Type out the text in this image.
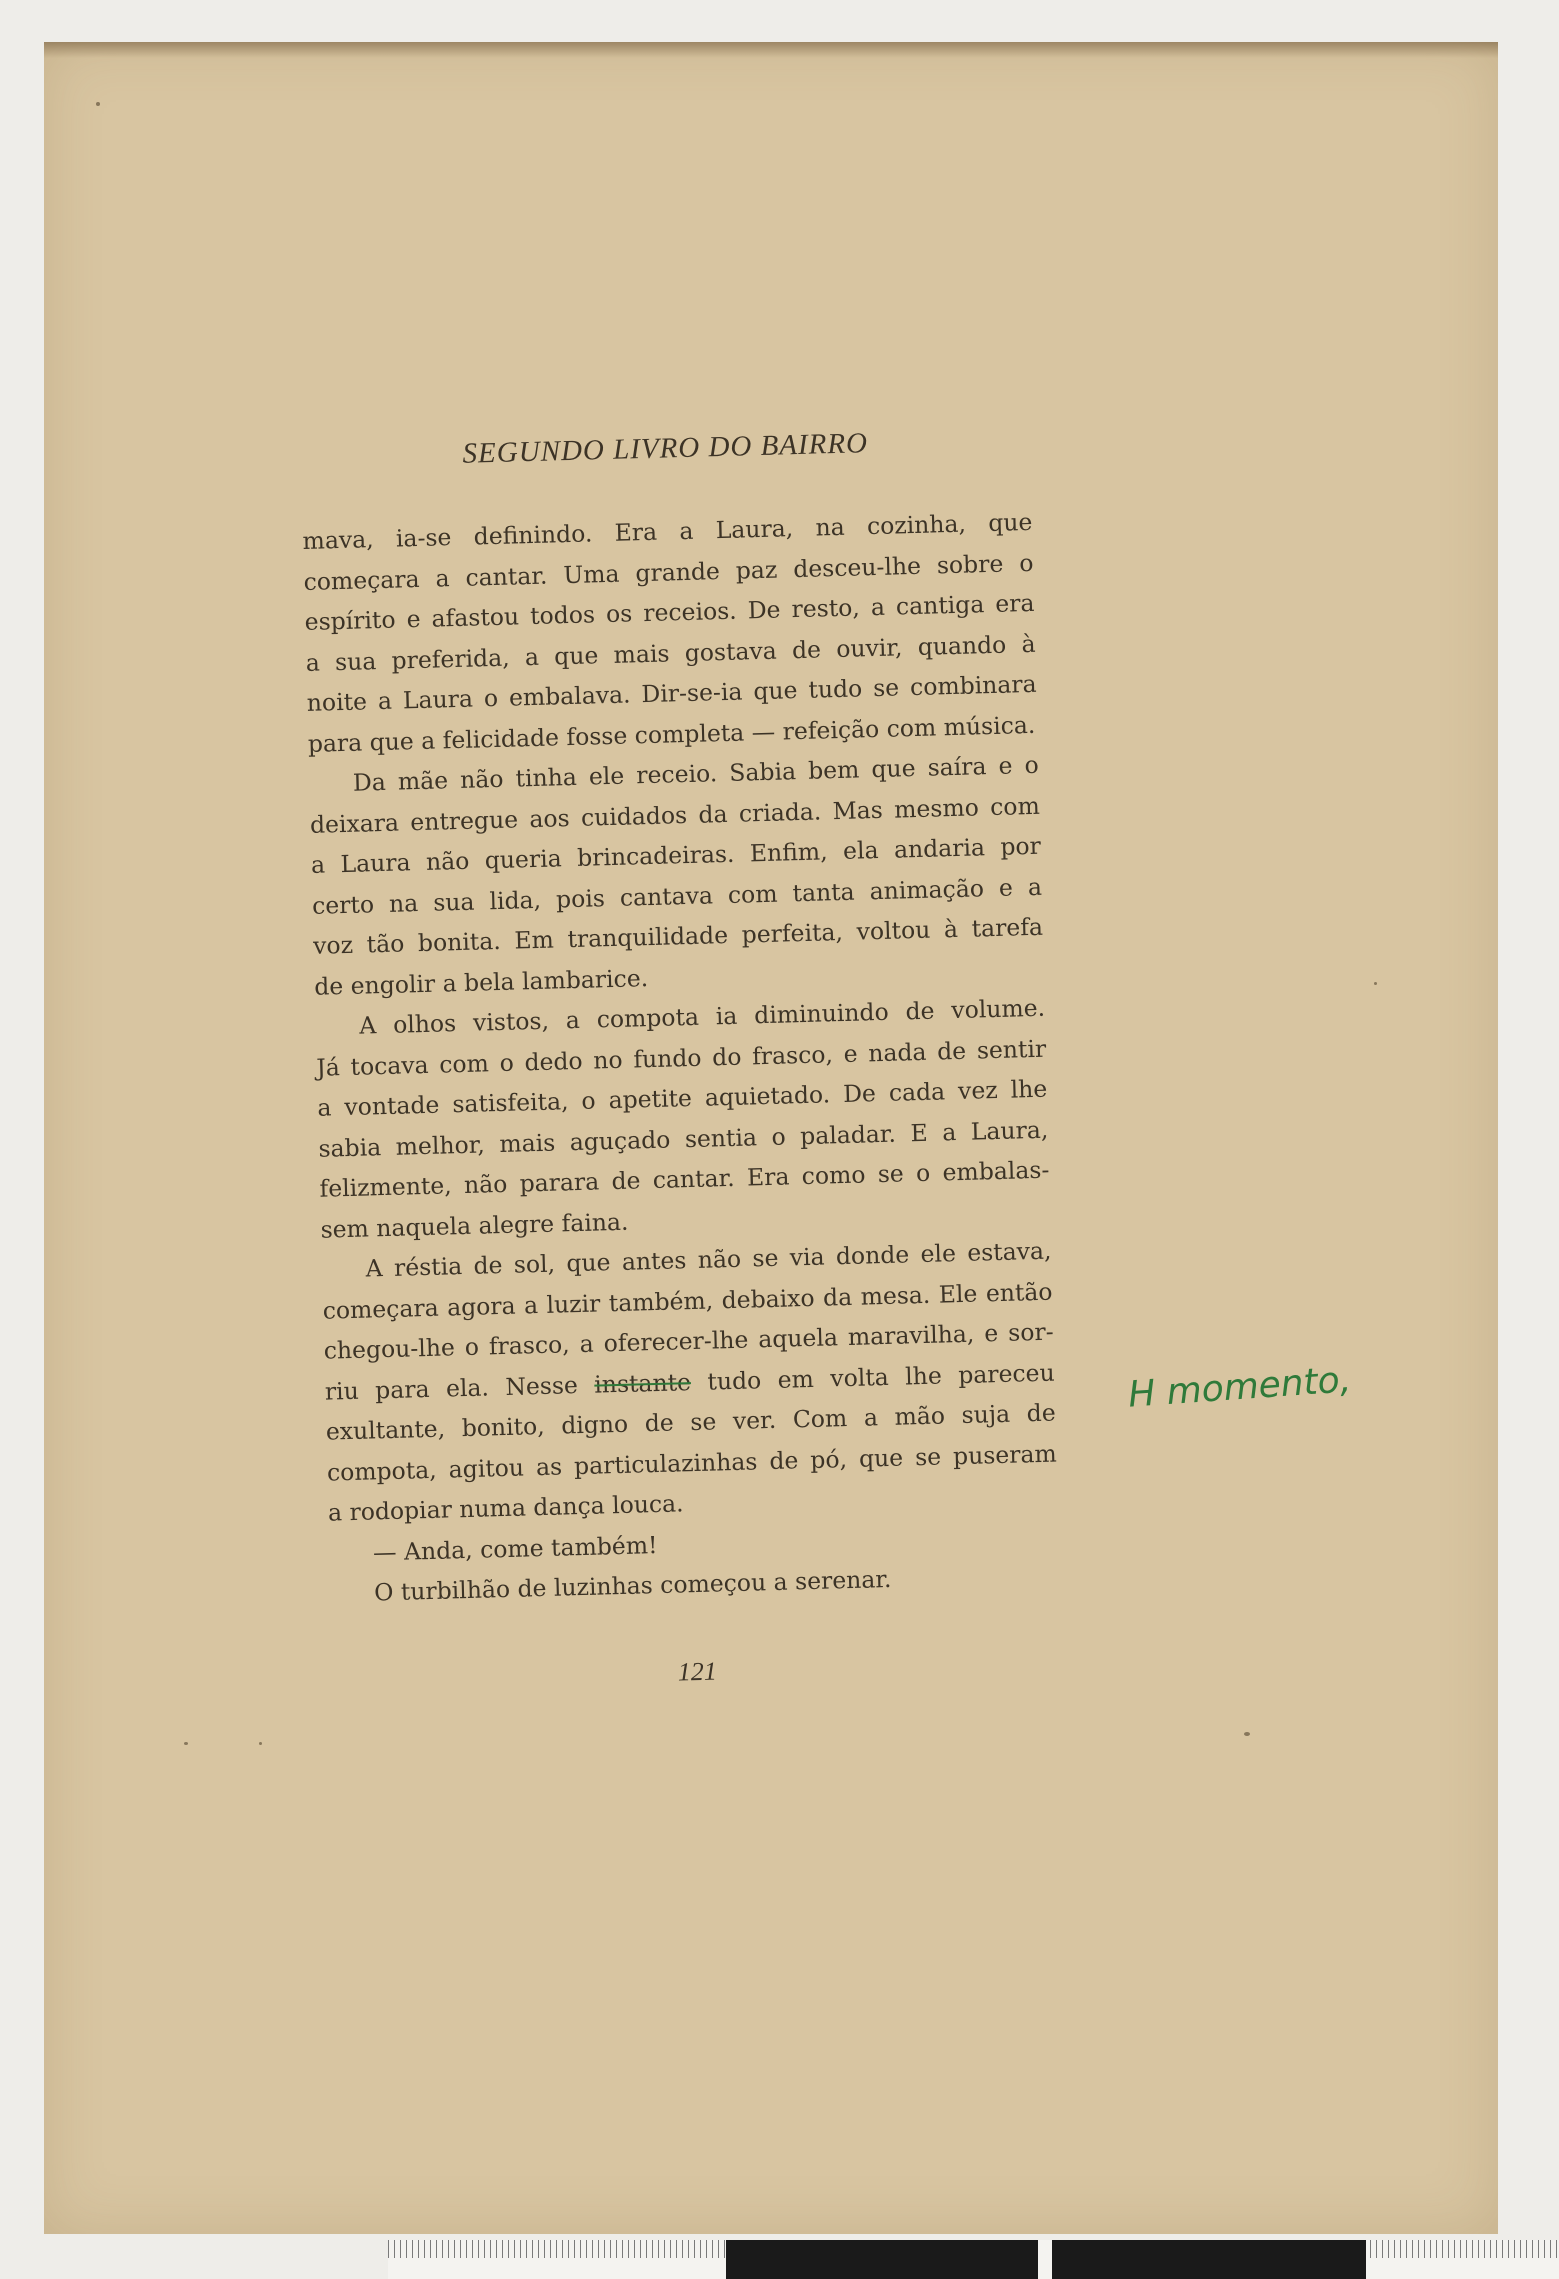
SEGUNDO LIVRO DO BAIRRO

mava, ia-se definindo. Era a Laura, na cozinha, que

começara a cantar. Uma grande paz desceu-lhe sobre o

espírito e afastou todos os receios. De resto, a cantiga era

a sua preferida, a que mais gostava de ouvir, quando à

noite a Laura o embalava. Dir-se-ia que tudo se combinara

para que a felicidade fosse completa — refeição com música.

Da mãe não tinha ele receio. Sabia bem que saíra e o

deixara entregue aos cuidados da criada. Mas mesmo com

a Laura não queria brincadeiras. Enfim, ela andaria por

certo na sua lida, pois cantava com tanta animação e a

voz tão bonita. Em tranquilidade perfeita, voltou à tarefa

de engolir a bela lambarice.

A olhos vistos, a compota ia diminuindo de volume.

Já tocava com o dedo no fundo do frasco, e nada de sentir

a vontade satisfeita, o apetite aquietado. De cada vez lhe

sabia melhor, mais aguçado sentia o paladar. E a Laura,

felizmente, não parara de cantar. Era como se o embalas-

sem naquela alegre faina.

A réstia de sol, que antes não se via donde ele estava,

começara agora a luzir também, debaixo da mesa. Ele então

chegou-lhe o frasco, a oferecer-lhe aquela maravilha, e sor-

riu para ela. Nesse instante tudo em volta lhe pareceu

exultante, bonito, digno de se ver. Com a mão suja de

compota, agitou as particulazinhas de pó, que se puseram

a rodopiar numa dança louca.

— Anda, come também!

O turbilhão de luzinhas começou a serenar.

121
H momento,
